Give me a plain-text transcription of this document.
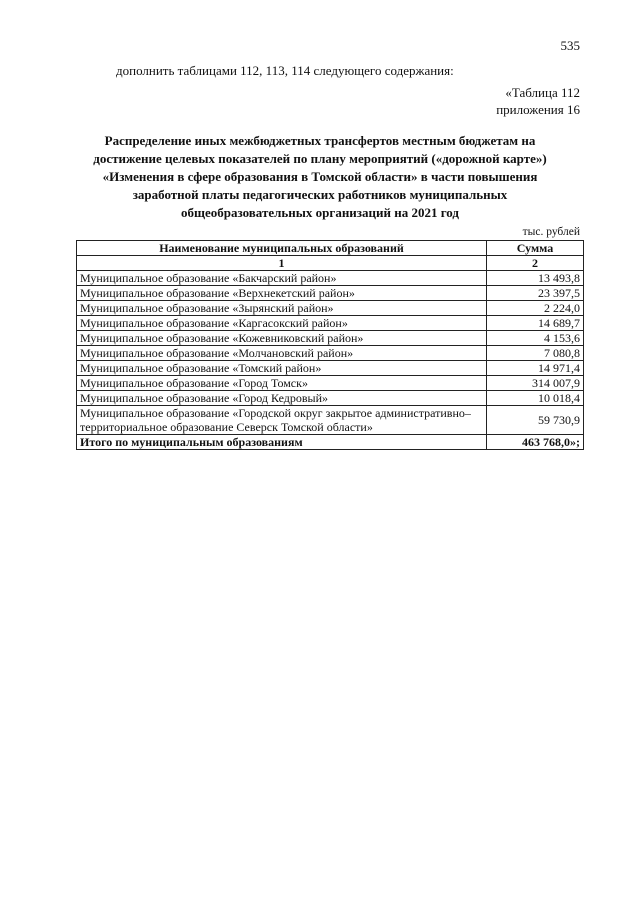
535
дополнить таблицами 112, 113, 114 следующего содержания:
«Таблица 112
приложения 16
Распределение иных межбюджетных трансфертов местным бюджетам на
достижение целевых показателей по плану мероприятий («дорожной карте»)
«Изменения в сфере образования в Томской области» в части повышения
заработной платы педагогических работников муниципальных
общеобразовательных организаций на 2021 год
тыс. рублей
Наименование муниципальных образований	Сумма
1	2
Муниципальное образование «Бакчарский район»	13 493,8
Муниципальное образование «Верхнекетский район»	23 397,5
Муниципальное образование «Зырянский район»	2 224,0
Муниципальное образование «Каргасокский район»	14 689,7
Муниципальное образование «Кожевниковский район»	4 153,6
Муниципальное образование «Молчановский район»	7 080,8
Муниципальное образование «Томский район»	14 971,4
Муниципальное образование «Город Томск»	314 007,9
Муниципальное образование «Город Кедровый»	10 018,4
Муниципальное образование «Городской округ закрытое административно–территориальное образование Северск Томской области»	59 730,9
Итого по муниципальным образованиям	463 768,0»;
